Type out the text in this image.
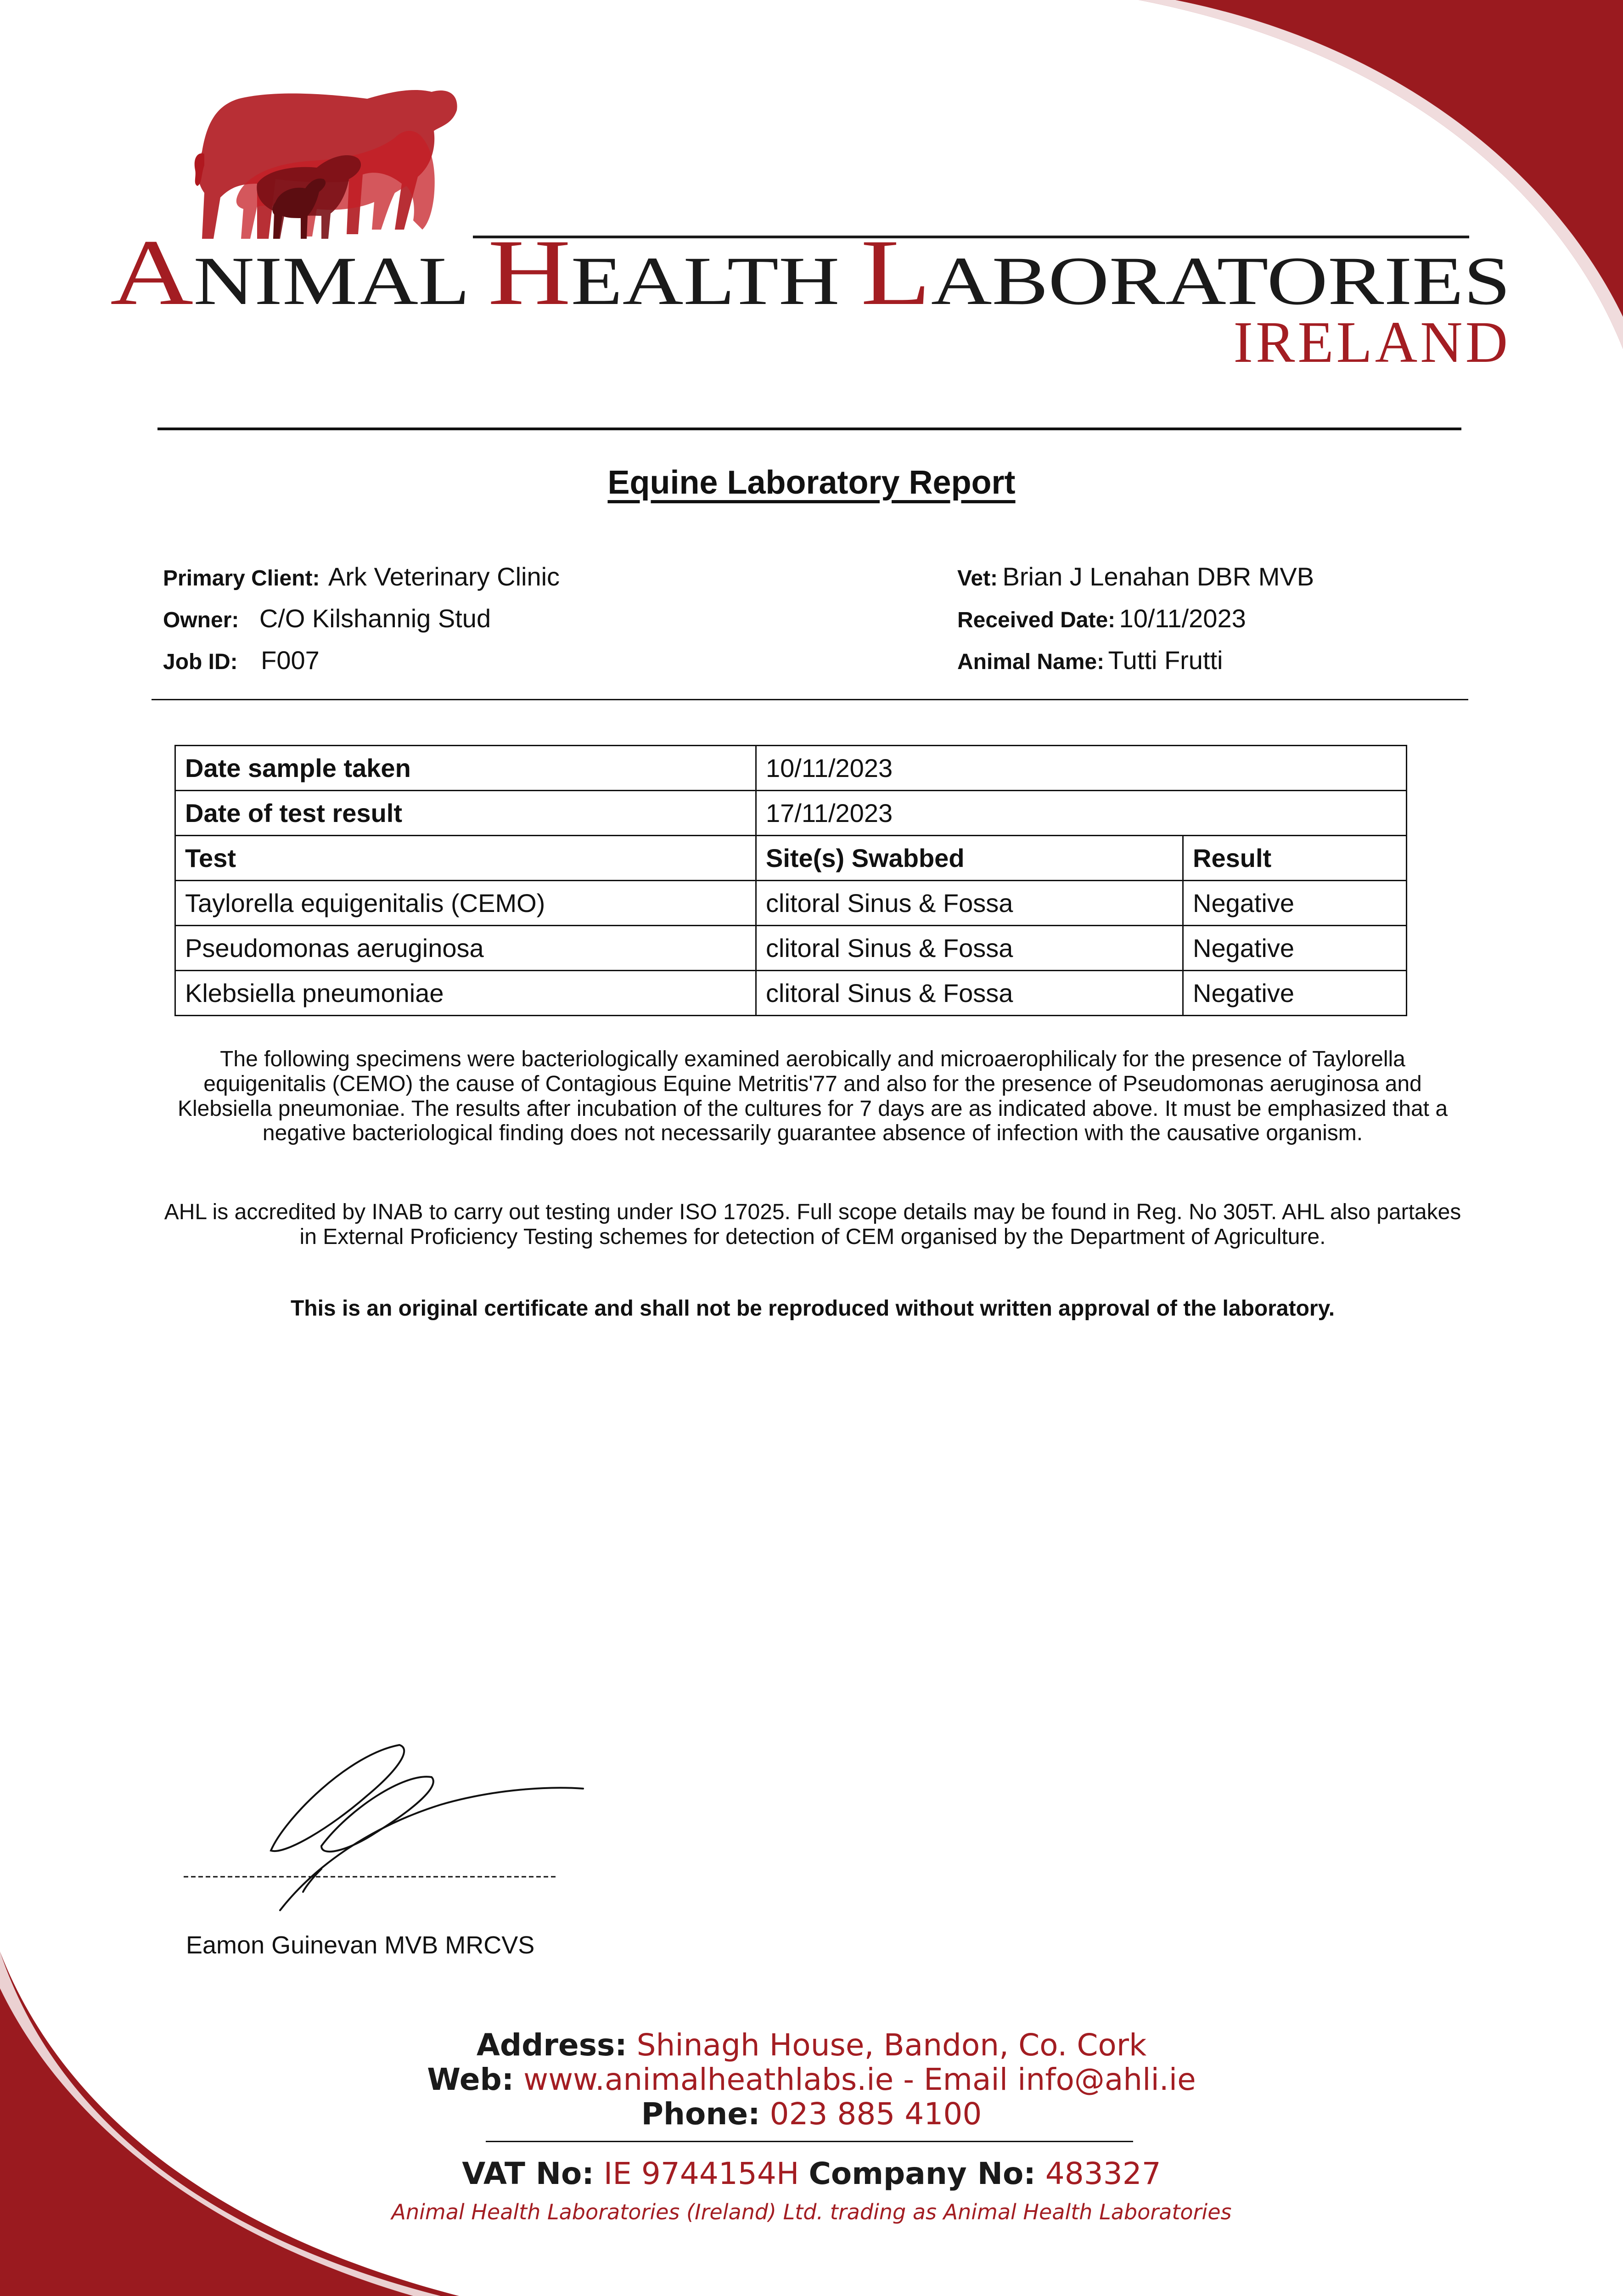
A NIMAL H EALTH L ABORATORIES
IRELAND
Equine Laboratory Report
Primary Client: Ark Veterinary Clinic
Owner: C/O Kilshannig Stud
Job ID: F007
Vet: Brian J Lenahan DBR MVB
Received Date: 10/11/2023
Animal Name: Tutti Frutti
Date sample taken	10/11/2023	
Date of test result	17/11/2023	
Test	Site(s) Swabbed	Result
Taylorella equigenitalis (CEMO)	clitoral Sinus & Fossa	Negative
Pseudomonas aeruginosa	clitoral Sinus & Fossa	Negative
Klebsiella pneumoniae	clitoral Sinus & Fossa	Negative
The following specimens were bacteriologically examined aerobically and microaerophilicaly for the presence of Taylorella equigenitalis (CEMO) the cause of Contagious Equine Metritis'77 and also for the presence of Pseudomonas aeruginosa and Klebsiella pneumoniae. The results after incubation of the cultures for 7 days are as indicated above. It must be emphasized that a negative bacteriological finding does not necessarily guarantee absence of infection with the causative organism.
AHL is accredited by INAB to carry out testing under ISO 17025. Full scope details may be found in Reg. No 305T. AHL also partakes in External Proficiency Testing schemes for detection of CEM organised by the Department of Agriculture.
This is an original certificate and shall not be reproduced without written approval of the laboratory.
Eamon Guinevan MVB MRCVS
Address: Shinagh House, Bandon, Co. Cork
Web: www.animalheathlabs.ie - Email info@ahli.ie
Phone: 023 885 4100
VAT No: IE 9744154H Company No: 483327
Animal Health Laboratories (Ireland) Ltd. trading as Animal Health Laboratories
